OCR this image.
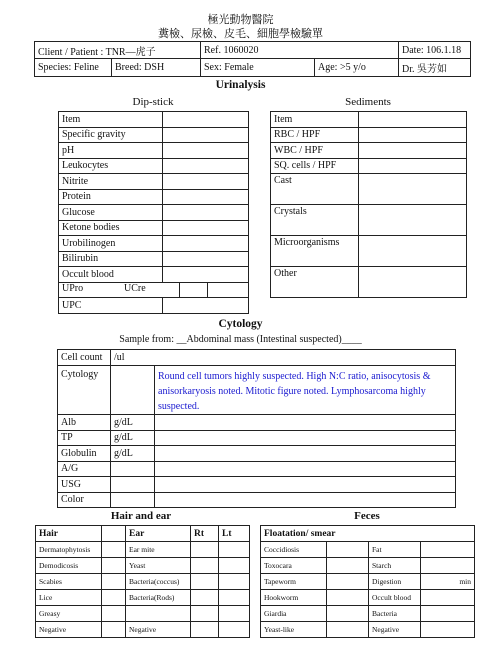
極光動物醫院
糞檢、尿檢、皮毛、細胞學檢驗單
Client / Patient : TNR—虎子		Ref. 1060020		Date: 106.1.18
Species: Feline	Breed: DSH	Sex: Female	Age: >5 y/o	Dr. 吳芳如
Urinalysis
Dip-stick	Sediments
Item	
Specific gravity	
pH	
Leukocytes	
Nitrite	
Protein	
Glucose	
Ketone bodies	
Urobilinogen	
Bilirubin	
Occult blood	

UPro UCre	

UPC	
Item	
RBC / HPF	
WBC / HPF	
SQ. cells / HPF	
Cast	
Crystals	
Microorganisms	
Other	
Cytology
Sample from: __Abdominal mass (Intestinal suspected)____
Cell count	/ul	
Cytology		Round cell tumors highly suspected. High N:C ratio, anisocytosis & anisorkaryosis noted. Mitotic figure noted. Lymphosarcoma highly suspected.
Alb	g/dL	
TP	g/dL	
Globulin	g/dL	
A/G		
USG		
Color		
Hair and ear
Hair		Ear	Rt	Lt
Dermatophytosis		Ear mite		
Demodicosis		Yeast		
Scabies		Bacteria(coccus)		
Lice		Bacteria(Rods)		
Greasy				
Negative		Negative		
Feces
Floatation/ smear			
Coccidiosis		Fat	
Toxocara		Starch	
Tapeworm		Digestion	min
Hookworm		Occult blood	
Giardia		Bacteria	
Yeast-like		Negative	
